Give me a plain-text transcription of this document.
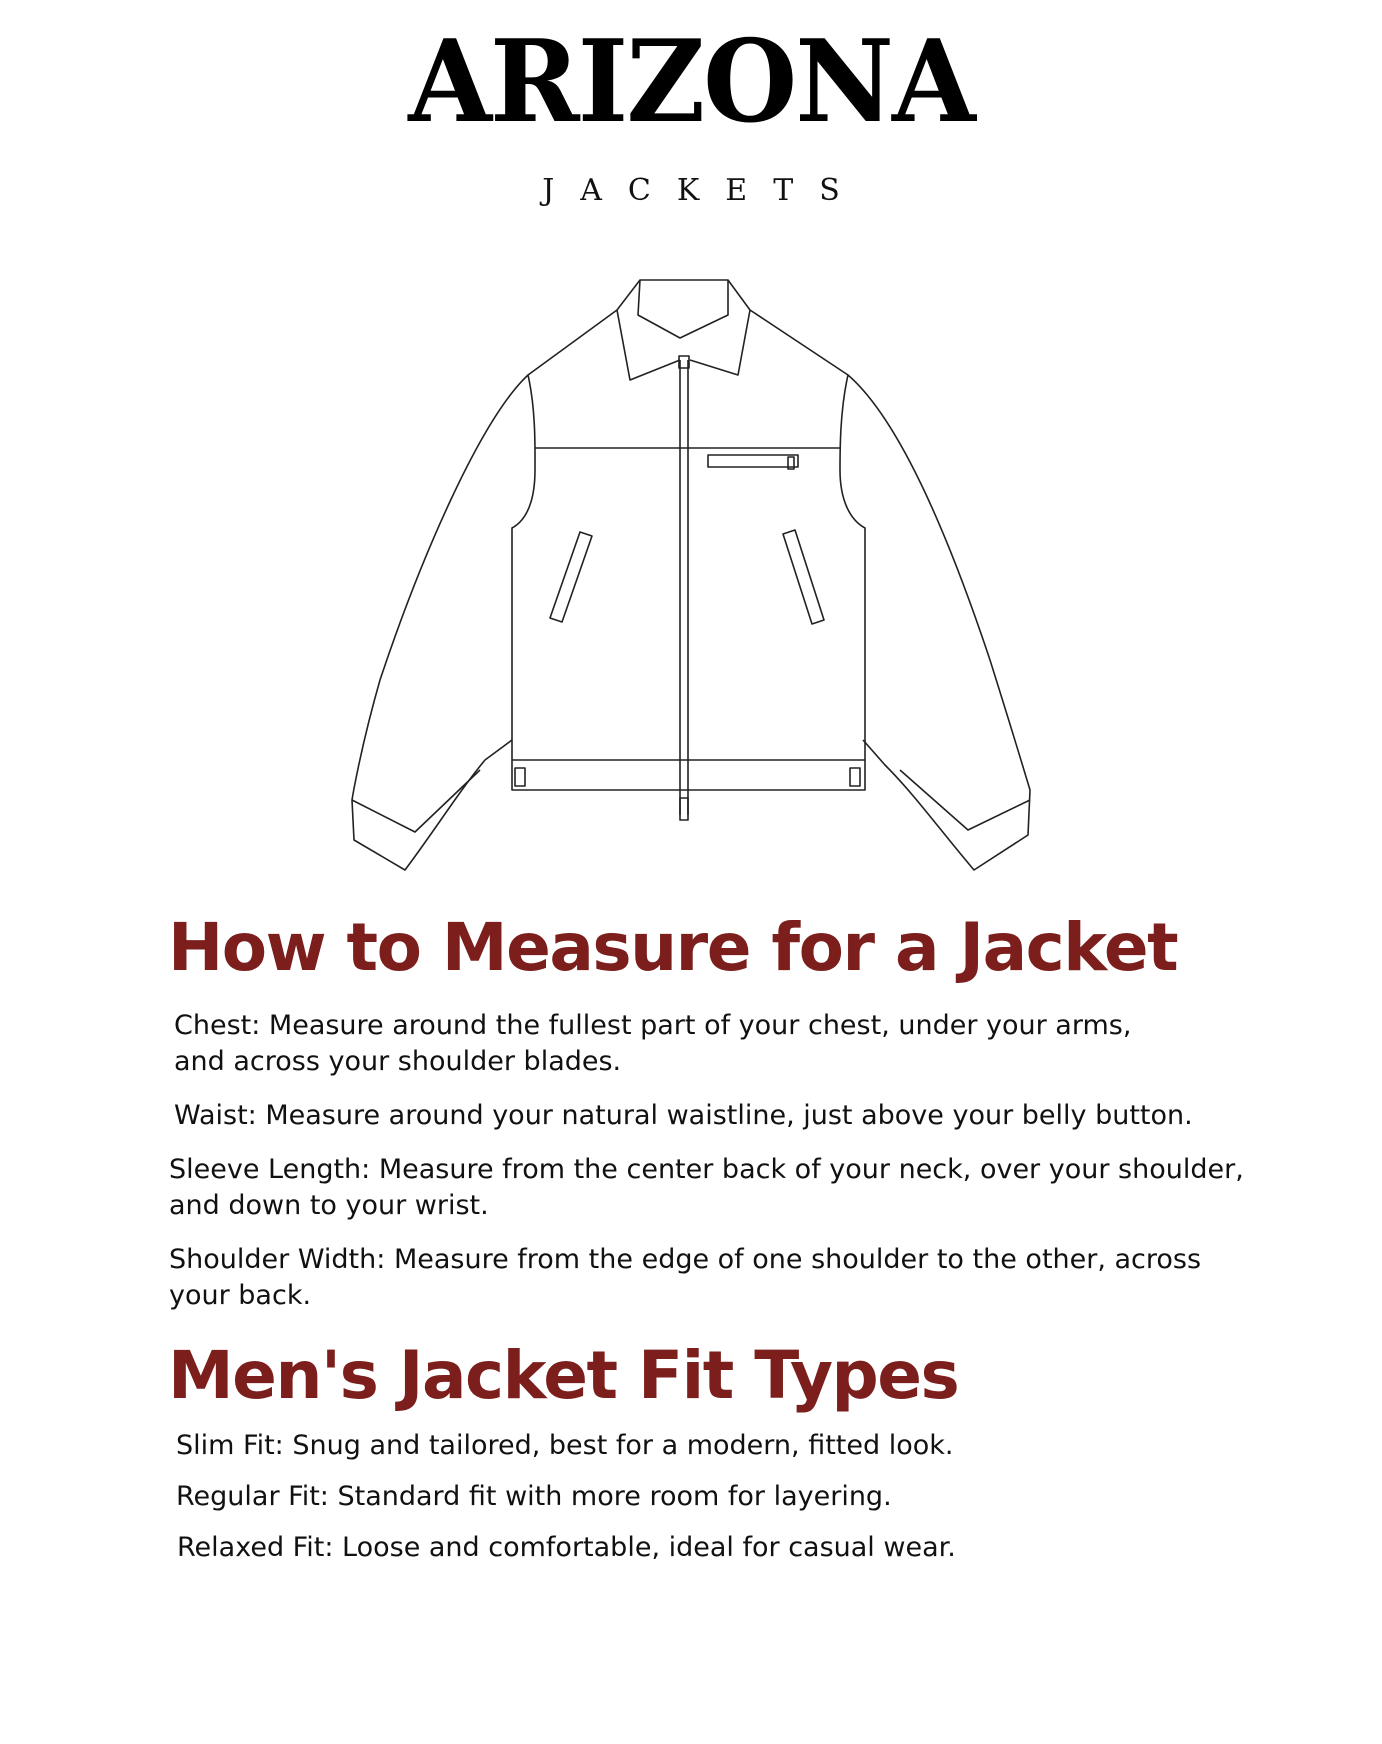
ARIZONA
JACKETS
How to Measure for a Jacket

Chest: Measure around the fullest part of your chest, under your arms,

and across your shoulder blades.

Waist: Measure around your natural waistline, just above your belly button.

Sleeve Length: Measure from the center back of your neck, over your shoulder,

and down to your wrist.

Shoulder Width: Measure from the edge of one shoulder to the other, across

your back.

Men's Jacket Fit Types

Slim Fit: Snug and tailored, best for a modern, fitted look.

Regular Fit: Standard fit with more room for layering.

Relaxed Fit: Loose and comfortable, ideal for casual wear.
